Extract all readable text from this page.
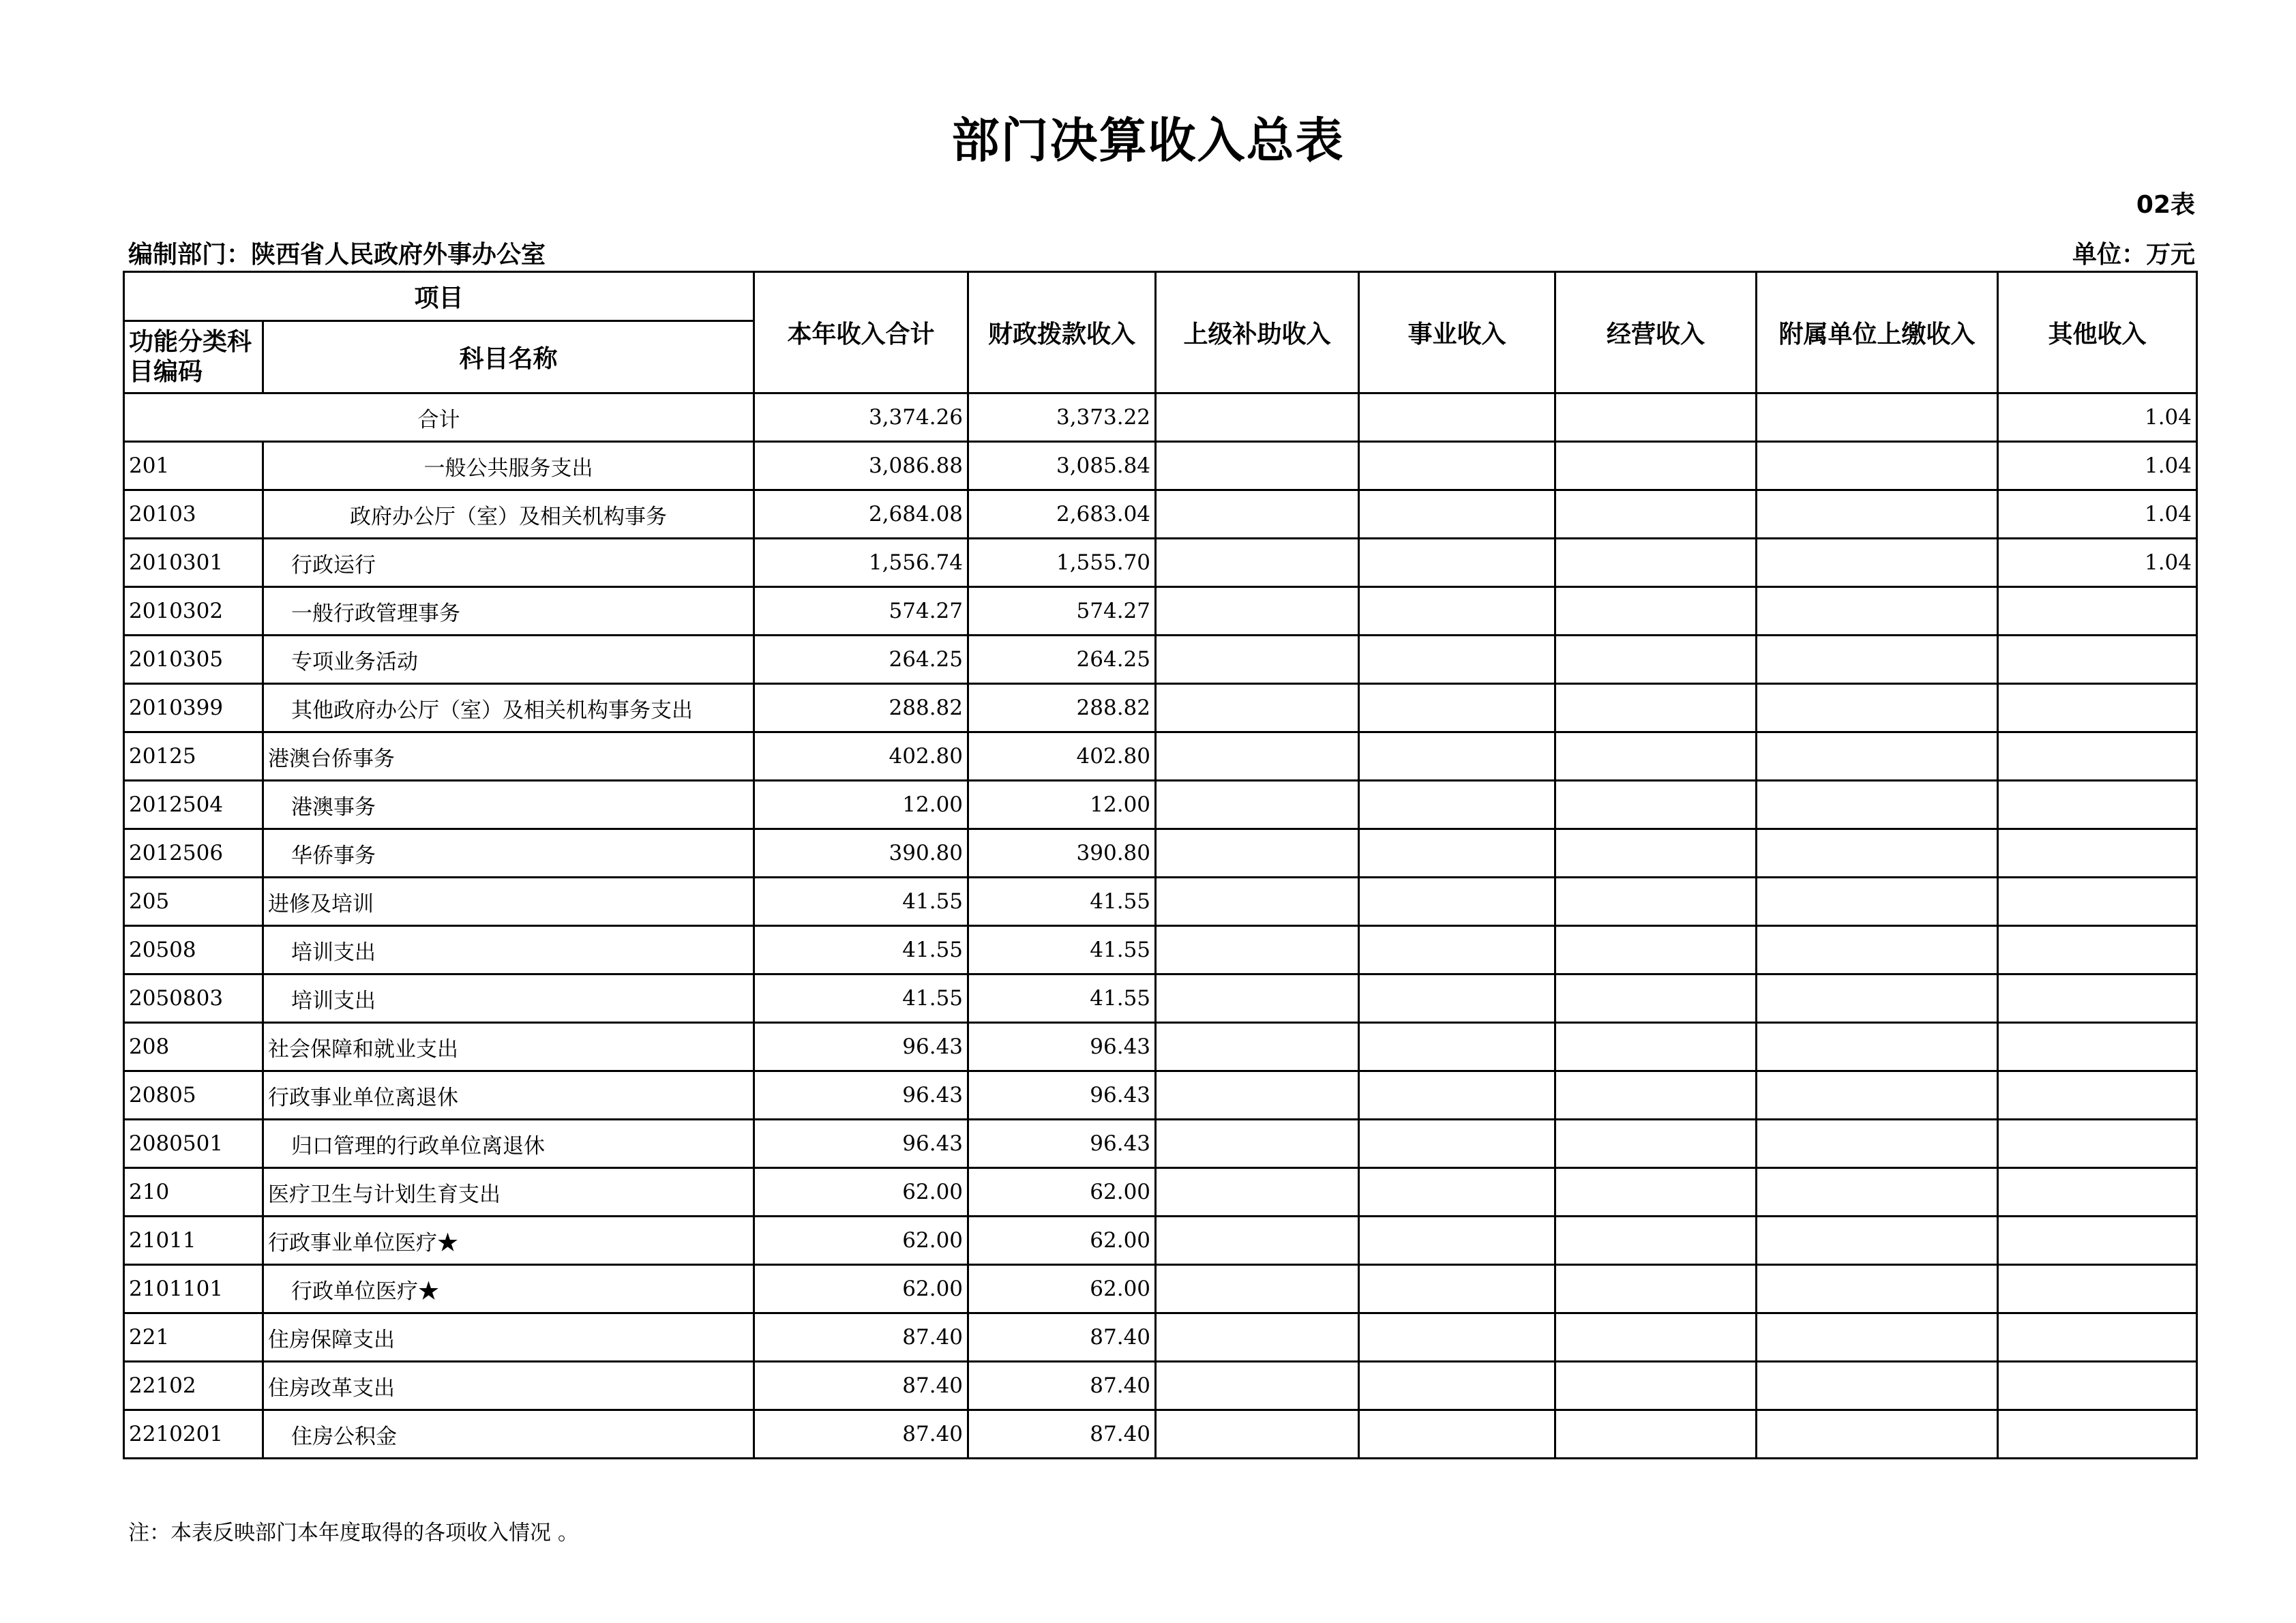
部门决算收入总表
02表
编制部门：陕西省人民政府外事办公室	单位：万元
项目		本年收入合计	财政拨款收入	上级补助收入	事业收入	经营收入	附属单位上缴收入	其他收入
功能分类科目编码	科目名称							
合计		3,374.26	3,373.22					1.04
201	一般公共服务支出	3,086.88	3,085.84					1.04
20103	政府办公厅（室）及相关机构事务	2,684.08	2,683.04					1.04
2010301	行政运行	1,556.74	1,555.70					1.04
2010302	一般行政管理事务	574.27	574.27					
2010305	专项业务活动	264.25	264.25					
2010399	其他政府办公厅（室）及相关机构事务支出	288.82	288.82					
20125	港澳台侨事务	402.80	402.80					
2012504	港澳事务	12.00	12.00					
2012506	华侨事务	390.80	390.80					
205	进修及培训	41.55	41.55					
20508	培训支出	41.55	41.55					
2050803	培训支出	41.55	41.55					
208	社会保障和就业支出	96.43	96.43					
20805	行政事业单位离退休	96.43	96.43					
2080501	归口管理的行政单位离退休	96.43	96.43					
210	医疗卫生与计划生育支出	62.00	62.00					
21011	行政事业单位医疗★	62.00	62.00					
2101101	行政单位医疗★	62.00	62.00					
221	住房保障支出	87.40	87.40					
22102	住房改革支出	87.40	87.40					
2210201	住房公积金	87.40	87.40					
注：本表反映部门本年度取得的各项收入情况 。
